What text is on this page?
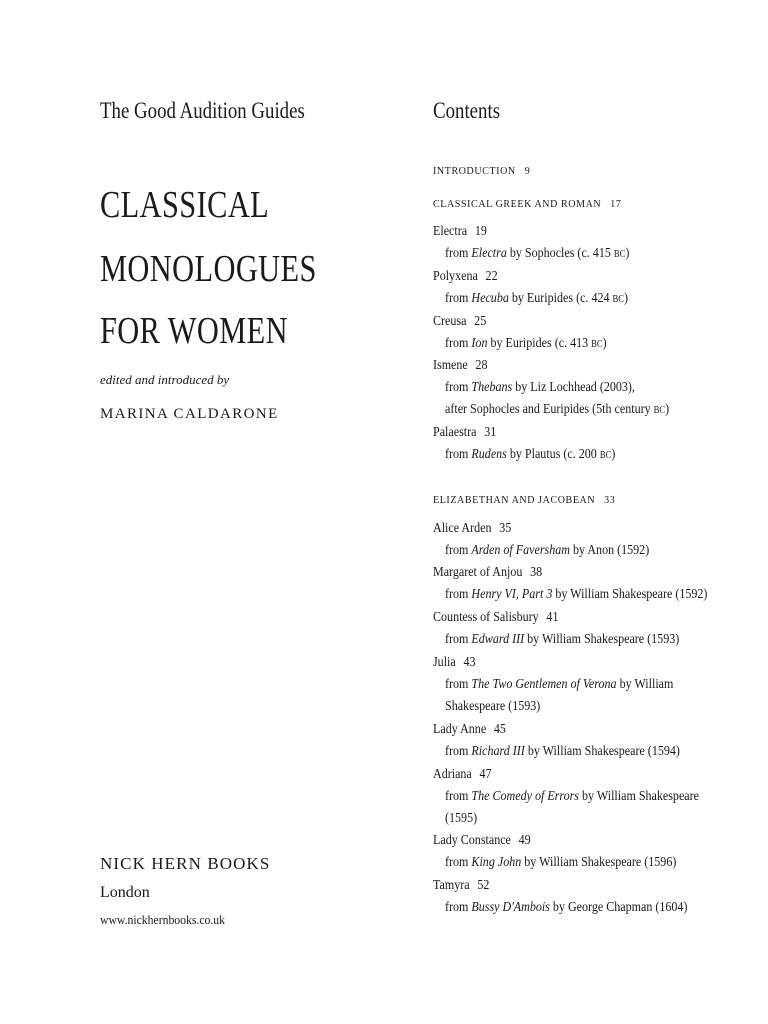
The Good Audition Guides
CLASSICAL
MONOLOGUES
FOR WOMEN
edited and introduced by
MARINA CALDARONE
NICK HERN BOOKS
London
www.nickhernbooks.co.uk
Contents
INTRODUCTION 9
CLASSICAL GREEK AND ROMAN 17
Electra 19
from Electra by Sophocles (c. 415 BC)
Polyxena 22
from Hecuba by Euripides (c. 424 BC)
Creusa 25
from Ion by Euripides (c. 413 BC)
Ismene 28
from Thebans by Liz Lochhead (2003),
after Sophocles and Euripides (5th century BC)
Palaestra 31
from Rudens by Plautus (c. 200 BC)
ELIZABETHAN AND JACOBEAN 33
Alice Arden 35
from Arden of Faversham by Anon (1592)
Margaret of Anjou 38
from Henry VI, Part 3 by William Shakespeare (1592)
Countess of Salisbury 41
from Edward III by William Shakespeare (1593)
Julia 43
from The Two Gentlemen of Verona by William
Shakespeare (1593)
Lady Anne 45
from Richard III by William Shakespeare (1594)
Adriana 47
from The Comedy of Errors by William Shakespeare
(1595)
Lady Constance 49
from King John by William Shakespeare (1596)
Tamyra 52
from Bussy D'Ambois by George Chapman (1604)
